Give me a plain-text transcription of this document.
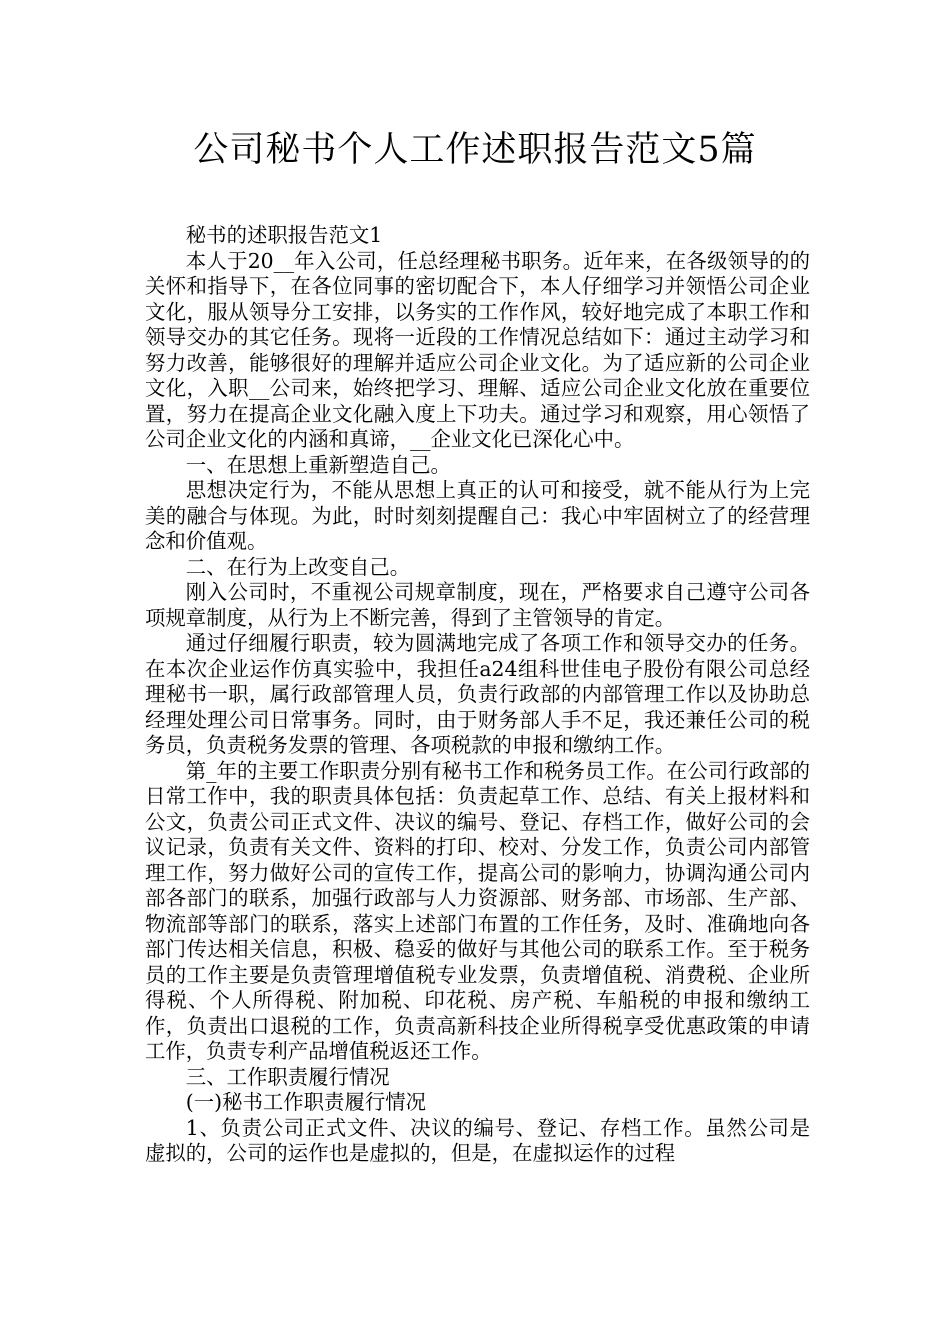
公司秘书个人工作述职报告范文5篇

秘书的述职报告范文1

本人于20__年入公司，任总经理秘书职务。近年来，在各级领导的的关怀和指导下，在各位同事的密切配合下，本人仔细学习并领悟公司企业文化，服从领导分工安排，以务实的工作作风，较好地完成了本职工作和领导交办的其它任务。现将一近段的工作情况总结如下：通过主动学习和努力改善，能够很好的理解并适应公司企业文化。为了适应新的公司企业文化，入职__公司来，始终把学习、理解、适应公司企业文化放在重要位置，努力在提高企业文化融入度上下功夫。通过学习和观察，用心领悟了公司企业文化的内涵和真谛，__企业文化已深化心中。

一、在思想上重新塑造自己。

思想决定行为，不能从思想上真正的认可和接受，就不能从行为上完美的融合与体现。为此，时时刻刻提醒自己：我心中牢固树立了的经营理念和价值观。

二、在行为上改变自己。

刚入公司时，不重视公司规章制度，现在，严格要求自己遵守公司各项规章制度，从行为上不断完善，得到了主管领导的肯定。

通过仔细履行职责，较为圆满地完成了各项工作和领导交办的任务。在本次企业运作仿真实验中，我担任a24组科世佳电子股份有限公司总经理秘书一职，属行政部管理人员，负责行政部的内部管理工作以及协助总经理处理公司日常事务。同时，由于财务部人手不足，我还兼任公司的税务员，负责税务发票的管理、各项税款的申报和缴纳工作。

第_年的主要工作职责分别有秘书工作和税务员工作。在公司行政部的日常工作中，我的职责具体包括：负责起草工作、总结、有关上报材料和公文，负责公司正式文件、决议的编号、登记、存档工作，做好公司的会议记录，负责有关文件、资料的打印、校对、分发工作，负责公司内部管理工作，努力做好公司的宣传工作，提高公司的影响力，协调沟通公司内部各部门的联系，加强行政部与人力资源部、财务部、市场部、生产部、物流部等部门的联系，落实上述部门布置的工作任务，及时、准确地向各部门传达相关信息，积极、稳妥的做好与其他公司的联系工作。至于税务员的工作主要是负责管理增值税专业发票，负责增值税、消费税、企业所得税、个人所得税、附加税、印花税、房产税、车船税的申报和缴纳工作，负责出口退税的工作，负责高新科技企业所得税享受优惠政策的申请工作，负责专利产品增值税返还工作。

三、工作职责履行情况

(一)秘书工作职责履行情况

1、负责公司正式文件、决议的编号、登记、存档工作。虽然公司是虚拟的，公司的运作也是虚拟的，但是，在虚拟运作的过程
